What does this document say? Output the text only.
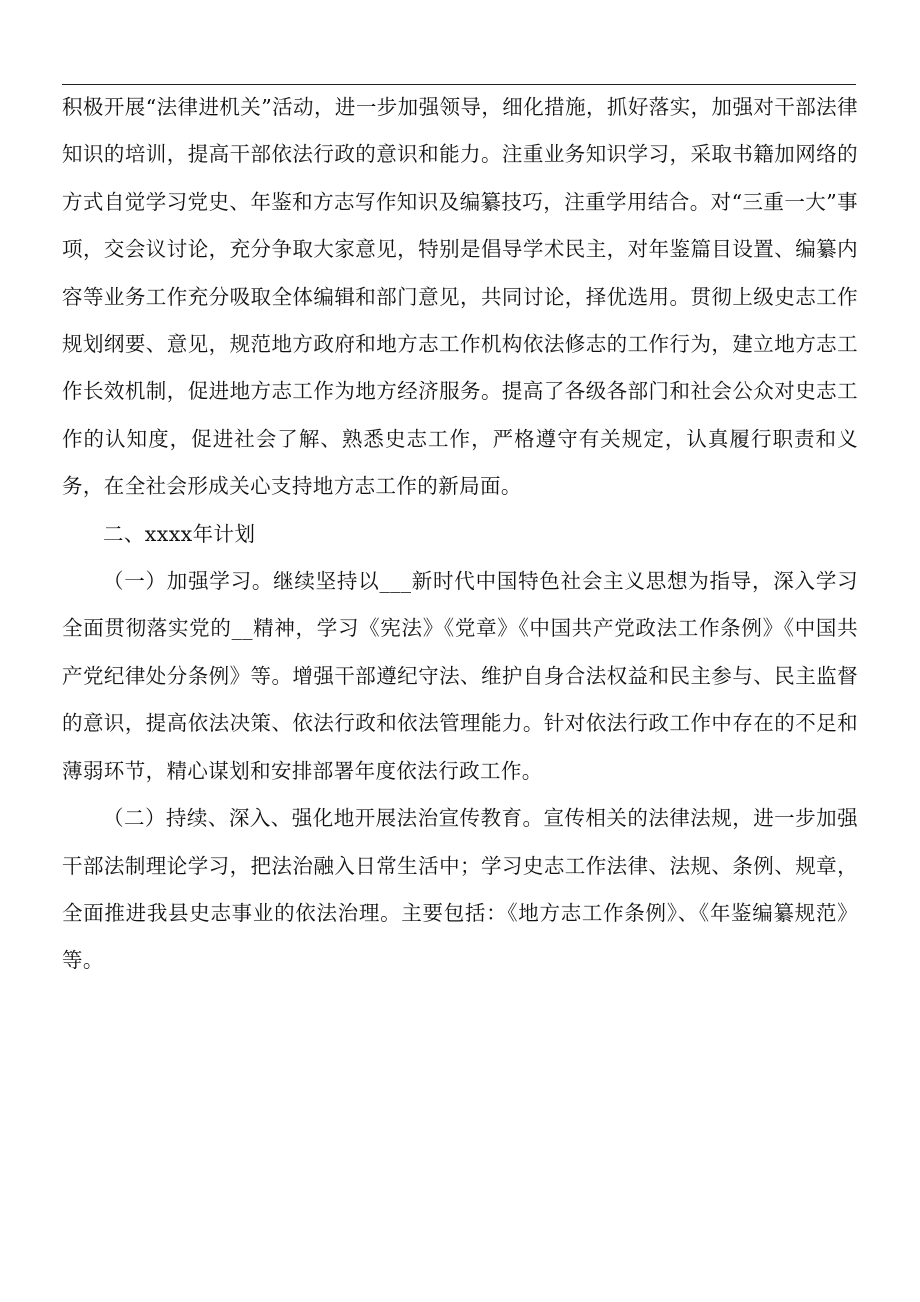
积极开展“法律进机关”活动，进一步加强领导，细化措施，抓好落实，加强对干部法律知识的培训，提高干部依法行政的意识和能力。注重业务知识学习，采取书籍加网络的方式自觉学习党史、年鉴和方志写作知识及编纂技巧，注重学用结合。对“三重一大”事项，交会议讨论，充分争取大家意见，特别是倡导学术民主，对年鉴篇目设置、编纂内容等业务工作充分吸取全体编辑和部门意见，共同讨论，择优选用。贯彻上级史志工作规划纲要、意见，规范地方政府和地方志工作机构依法修志的工作行为，建立地方志工作长效机制，促进地方志工作为地方经济服务。提高了各级各部门和社会公众对史志工作的认知度，促进社会了解、熟悉史志工作，严格遵守有关规定，认真履行职责和义务，在全社会形成关心支持地方志工作的新局面。

二、xxxx年计划

（一）加强学习。继续坚持以___新时代中国特色社会主义思想为指导，深入学习全面贯彻落实党的__精神，学习《宪法》《党章》《中国共产党政法工作条例》《中国共产党纪律处分条例》等。增强干部遵纪守法、维护自身合法权益和民主参与、民主监督的意识，提高依法决策、依法行政和依法管理能力。针对依法行政工作中存在的不足和薄弱环节，精心谋划和安排部署年度依法行政工作。

（二）持续、深入、强化地开展法治宣传教育。宣传相关的法律法规，进一步加强干部法制理论学习，把法治融入日常生活中；学习史志工作法律、法规、条例、规章，全面推进我县史志事业的依法治理。主要包括：《地方志工作条例》、《年鉴编纂规范》等。
